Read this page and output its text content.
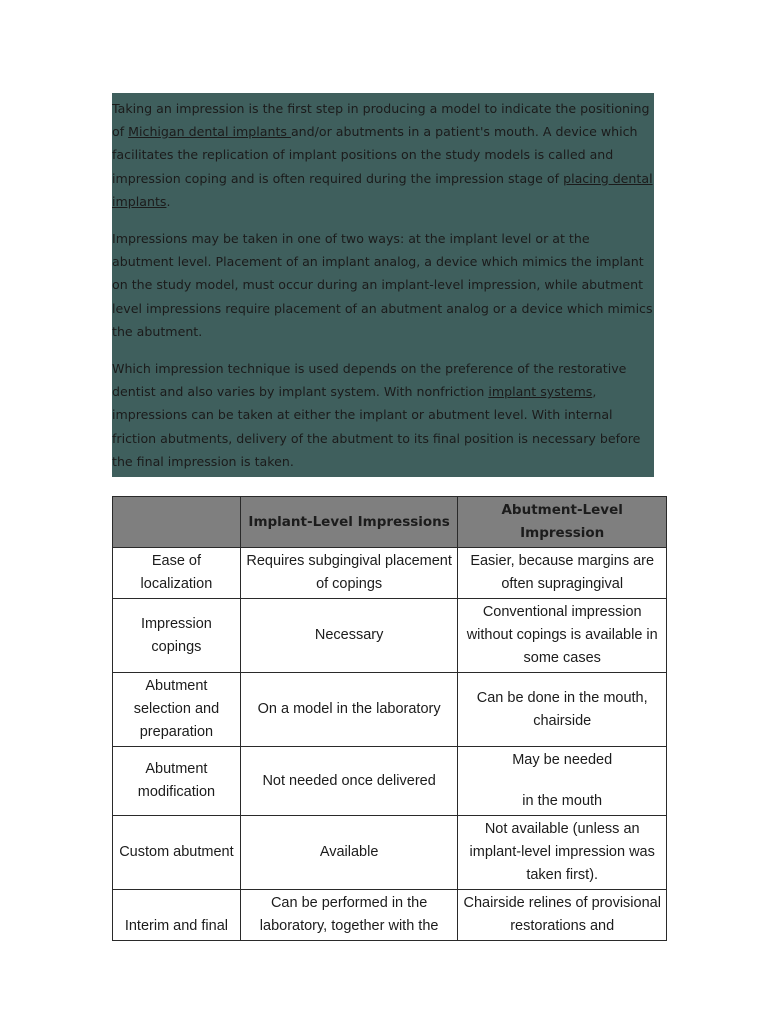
Taking an impression is the first step in producing a model to indicate the positioning of Michigan dental implants and/or abutments in a patient's mouth. A device which facilitates the replication of implant positions on the study models is called and impression coping and is often required during the impression stage of placing dental implants.

Impressions may be taken in one of two ways: at the implant level or at the abutment level. Placement of an implant analog, a device which mimics the implant on the study model, must occur during an implant-level impression, while abutment level impressions require placement of an abutment analog or a device which mimics the abutment.

Which impression technique is used depends on the preference of the restorative dentist and also varies by implant system. With nonfriction implant systems, impressions can be taken at either the implant or abutment level. With internal friction abutments, delivery of the abutment to its final position is necessary before the final impression is taken.

	Implant-Level Impressions	Abutment-Level Impression
Ease of localization	Requires subgingival placement of copings	Easier, because margins are often supragingival
Impression copings	Necessary	Conventional impression without copings is available in some cases
Abutment selection and preparation	On a model in the laboratory	Can be done in the mouth, chairside
Abutment modification	Not needed once delivered	May be needed
in the mouth
Custom abutment	Available	Not available (unless an implant-level impression was taken first).
Interim and final	Can be performed in the laboratory, together with the	Chairside relines of provisional restorations and
